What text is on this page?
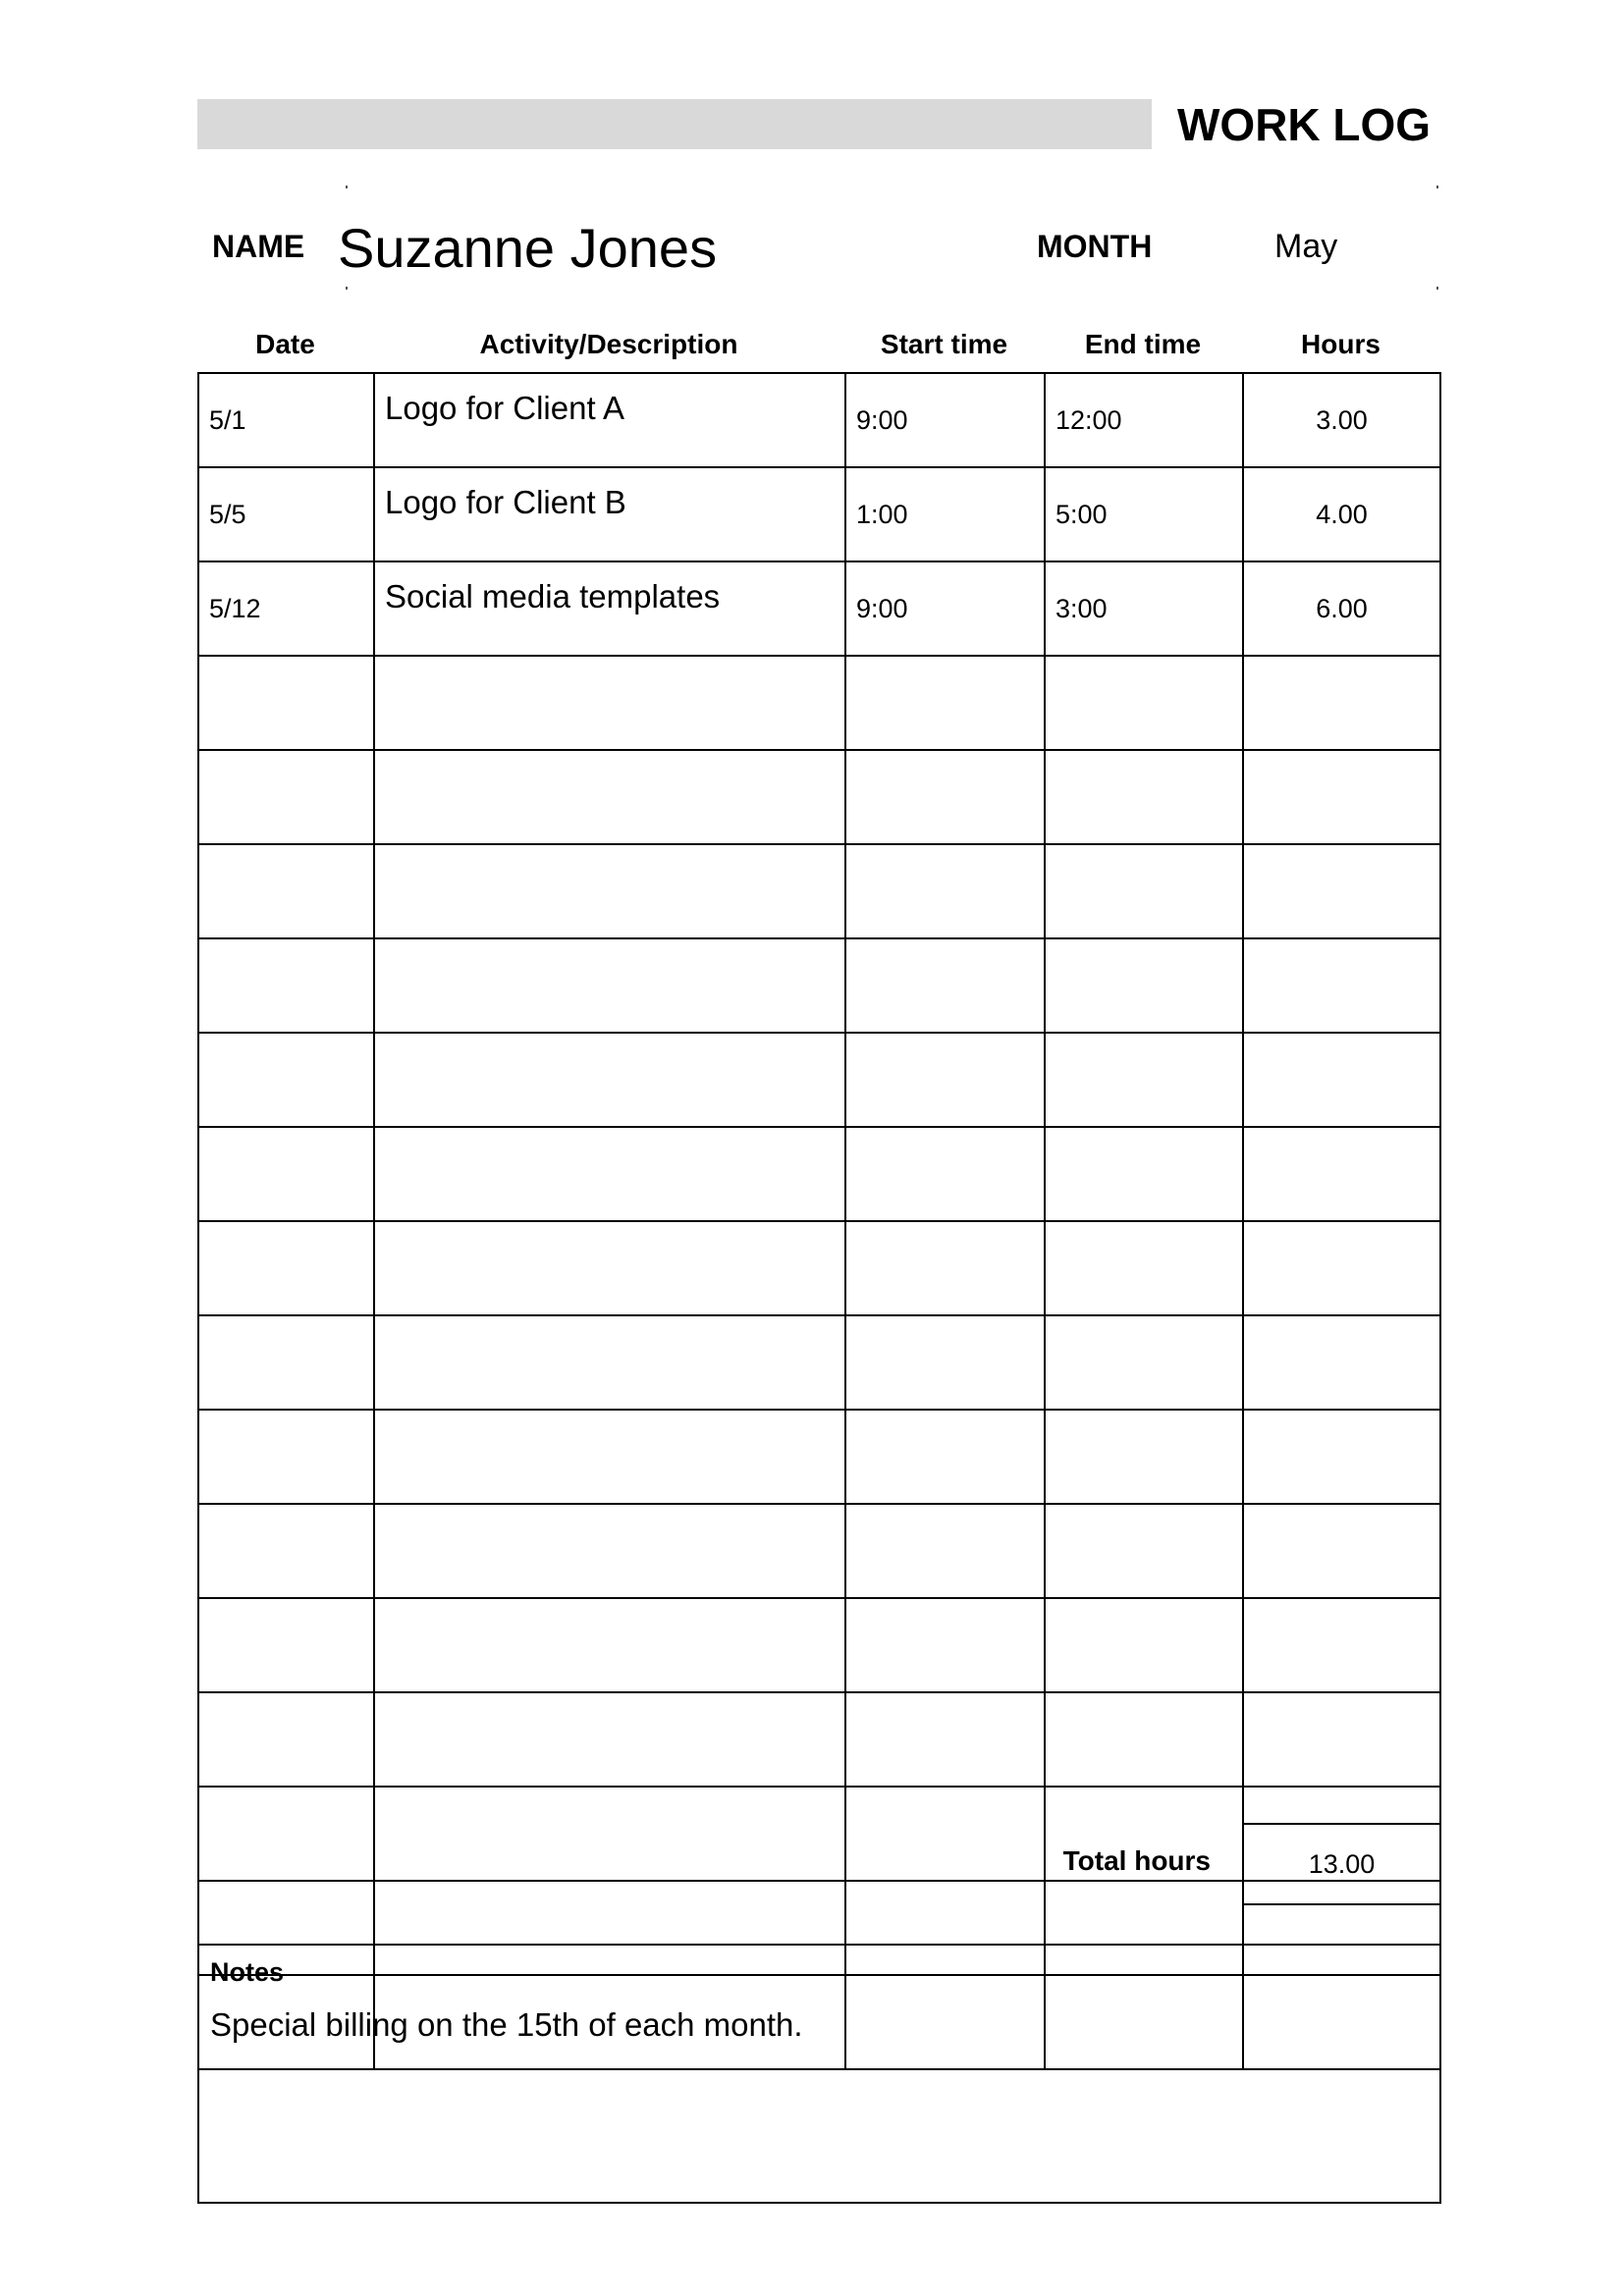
WORK LOG
NAME Suzanne Jones	MONTH	May
Date	Activity/Description	Start time	End time	Hours
5/1	Logo for Client A	9:00	12:00	3.00
5/5	Logo for Client B	1:00	5:00	4.00
5/12	Social media templates	9:00	3:00	6.00

Total hours	13.00
Notes
Special billing on the 15th of each month.
